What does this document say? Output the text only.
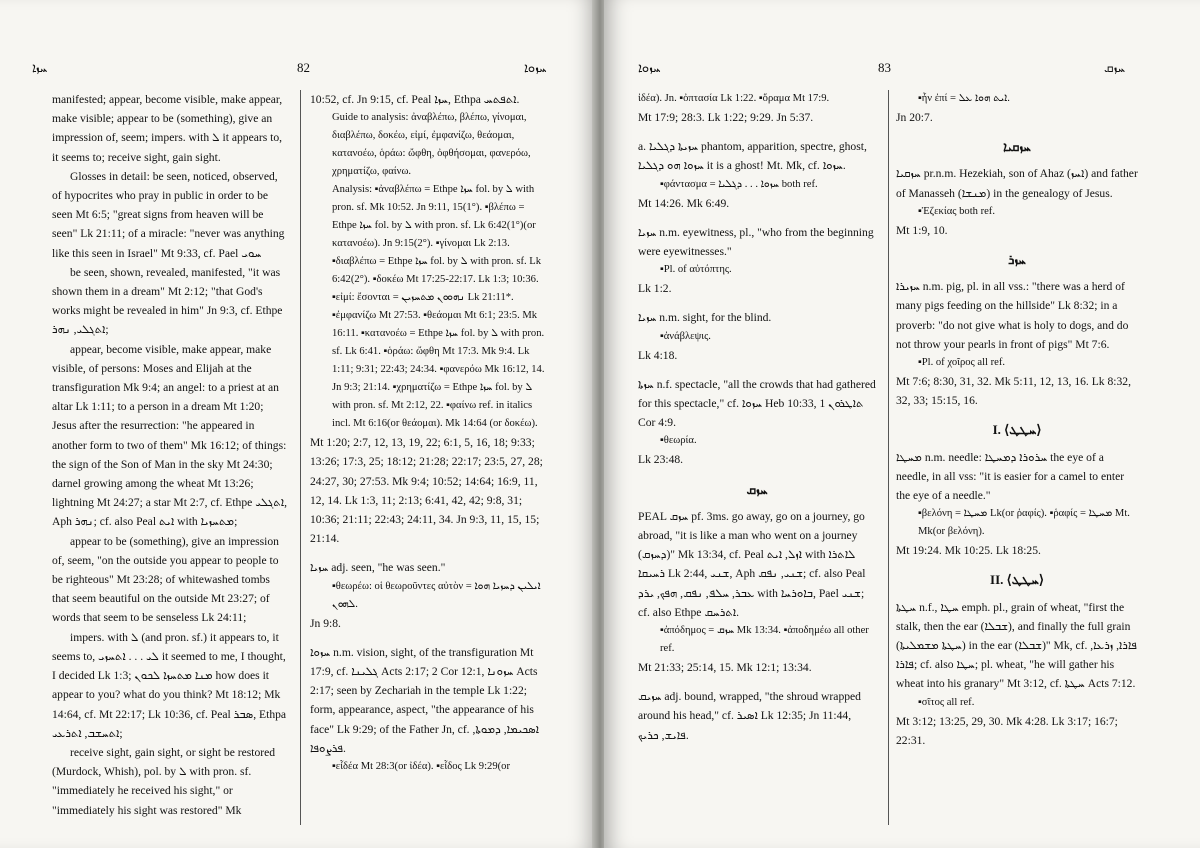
ܚܙܐ	82	ܚܙܘܐ

manifested; appear, become visible, make appear, make visible; appear to be (something), give an impression of, seem; impers. with ܠ it appears to, it seems to; receive sight, gain sight.

Glosses in detail: be seen, noticed, observed, of hypocrites who pray in public in order to be seen Mt 6:5; "great signs from heaven will be seen" Lk 21:11; of a miracle: "never was anything like this seen in Israel" Mt 9:33, cf. Pael ܚܘܝ

be seen, shown, revealed, manifested, "it was shown them in a dream" Mt 2:12; "that God's works might be revealed in him" Jn 9:3, cf. Ethpe ܐܬܓܠܝ, ܢܗܪ;

appear, become visible, make appear, make visible, of persons: Moses and Elijah at the transfiguration Mk 9:4; an angel: to a priest at an altar Lk 1:11; to a person in a dream Mt 1:20; Jesus after the resurrection: "he appeared in another form to two of them" Mk 16:12; of things: the sign of the Son of Man in the sky Mt 24:30; darnel growing among the wheat Mt 13:26; lightning Mt 24:27; a star Mt 2:7, cf. Ethpe ܐܬܓܠܝ, Aph ܢܗܪ; cf. also Peal ܐܝܬ with ܡܬܚܙܝܐ;

appear to be (something), give an impression of, seem, "on the outside you appear to people to be righteous" Mt 23:28; of whitewashed tombs that seem beautiful on the outside Mt 23:27; of words that seem to be senseless Lk 24:11;

impers. with ܠ (and pron. sf.) it appears to, it seems to, ܠܝ . . . ܐܬܚܙܝ it seemed to me, I thought, I decided Lk 1:3; ܡܢܐ ܡܬܚܙܐ ܠܟܘܢ how does it appear to you? what do you think? Mt 18:12; Mk 14:64, cf. Mt 22:17; Lk 10:36, cf. Peal ܣܒܪ, Ethpa ܐܬܚܫܒ, ܐܬܪܥܝ;

receive sight, gain sight, or sight be restored (Murdock, Whish), pol. by ܠ with pron. sf. "immediately he received his sight," or "immediately his sight was restored" Mk

10:52, cf. Jn 9:15, cf. Peal ܚܙܐ, Ethpa ܐܬܦܬܚ.

Guide to analysis: ἀναβλέπω, βλέπω, γίνομαι, διαβλέπω, δοκέω, εἰμί, ἐμφανίζω, θεάομαι, κατανοέω, ὁράω: ὤφθη, ὀφθήσομαι, φανερόω, χρηματίζω, φαίνω.

Analysis: ▪ἀναβλέπω = Ethpe ܚܙܐ fol. by ܠ with pron. sf. Mk 10:52. Jn 9:11, 15(1°). ▪βλέπω = Ethpe ܚܙܐ fol. by ܠ with pron. sf. Lk 6:42(1°)(or κατανοέω). Jn 9:15(2°). ▪γίνομαι Lk 2:13. ▪διαβλέπω = Ethpe ܚܙܐ fol. by ܠ with pron. sf. Lk 6:42(2°). ▪δοκέω Mt 17:25-22:17. Lk 1:3; 10:36. ▪εἰμί: ἔσονται = ܢܗܘܘܢ ܡܬܚܙܝܢ Lk 21:11*. ▪ἐμφανίζω Mt 27:53. ▪θεάομαι Mt 6:1; 23:5. Mk 16:11. ▪κατανοέω = Ethpe ܚܙܐ fol. by ܠ with pron. sf. Lk 6:41. ▪ὁράω: ὤφθη Mt 17:3. Mk 9:4. Lk 1:11; 9:31; 22:43; 24:34. ▪φανερόω Mk 16:12, 14. Jn 9:3; 21:14. ▪χρηματίζω = Ethpe ܚܙܐ fol. by ܠ with pron. sf. Mt 2:12, 22. ▪φαίνω ref. in italics incl. Mt 6:16(or θεάομαι). Mk 14:64 (or δοκέω).

Mt 1:20; 2:7, 12, 13, 19, 22; 6:1, 5, 16, 18; 9:33; 13:26; 17:3, 25; 18:12; 21:28; 22:17; 23:5, 27, 28; 24:27, 30; 27:53. Mk 9:4; 10:52; 14:64; 16:9, 11, 12, 14. Lk 1:3, 11; 2:13; 6:41, 42, 42; 9:8, 31; 10:36; 21:11; 22:43; 24:11, 34. Jn 9:3, 11, 15, 15; 21:14.

ܚܙܝܐ adj. seen, "he was seen."

▪θεωρέω: οἱ θεωροῦντες αὐτὸν = ܐܝܠܝܢ ܕܚܙܝܐ ܗܘܐ ܠܗܘܢ.

Jn 9:8.

ܚܙܘܐ n.m. vision, sight, of the transfiguration Mt 17:9, cf. ܓܠܝܢܐ Acts 2:17; 2 Cor 12:1, ܚܙܘܢܐ Acts 2:17; seen by Zechariah in the temple Lk 1:22; form, appearance, aspect, "the appearance of his face" Lk 9:29; of the Father Jn, cf. ܐܣܟܝܡܐ, ܕܡܘܬܐ, ܦܪܨܘܦܐ.

▪εἶδέα Mt 28:3(or ἰδέα). ▪εἶδος Lk 9:29(or

ܚܙܘܐ	83	ܚܙܩ

ἰδέα). Jn. ▪ὀπτασία Lk 1:22. ▪ὅραμα Mt 17:9.

Mt 17:9; 28:3. Lk 1:22; 9:29. Jn 5:37.

a. ܚܙܝܬܐ ܕܓܠܝܐ phantom, apparition, spectre, ghost, ܚܙܘܐ ܗܘ ܕܓܠܝܐ it is a ghost! Mt. Mk, cf. ܚܙܘܐ.

▪φάντασμα = ܚܙܘܐ . . . ܕܓܠܝܐ both ref.

Mt 14:26. Mk 6:49.

ܚܙܝܐ n.m. eyewitness, pl., "who from the beginning were eyewitnesses."

▪Pl. of αὐτόπτης.

Lk 1:2.

ܚܙܝܐ n.m. sight, for the blind.

▪ἀνάβλεψις.

Lk 4:18.

ܚܙܬܐ n.f. spectacle, "all the crowds that had gathered for this spectacle," cf. ܚܙܘܐ Heb 10:33, ܬܐܛܪܘܢ 1 Cor 4:9.

▪θεωρία.

Lk 23:48.

ܚܙܩ

PEAL ܚܙܩ pf. 3ms. go away, go on a journey, go abroad, "it is like a man who went on a journey (ܕܚܙܩ)" Mk 13:34, cf. Peal ܐܙܠ, ܐܝܬ with ܠܐܬܪܐ ܪܚܝܩܐ Lk 2:44, ܫܢܝ, Aph ܫܢܝ, ܢܦܩ; cf. also Peal ܥܒܪ, ܚܠܦ, ܢܦܩ, ܗܦܟ, ܝܪܕ with ܒܐܘܪܚܐ, Pael ܫܢܝ; cf. also Ethpe ܐܬܪܚܩ.

▪ἀπόδημος = ܚܙܩ Mk 13:34. ▪ἀποδημέω all other ref.

Mt 21:33; 25:14, 15. Mk 12:1; 13:34.

ܚܙܝܩ adj. bound, wrapped, "the shroud wrapped around his head," cf. ܐܣܝܪ Lk 12:35; Jn 11:44, ܦܐܝܫ, ܟܪܝܟ.

▪ἦν ἐπί = ܐܝܬ ܗܘܐ ܥܠ.

Jn 20:7.

ܚܙܩܝܐ

ܚܙܩܝܐ pr.n.m. Hezekiah, son of Ahaz (ܐܚܙ) and father of Manasseh (ܡܢܫܐ) in the genealogy of Jesus.

▪Ἐζεκίας both ref.

Mt 1:9, 10.

ܚܙܪ

ܚܙܝܪܐ n.m. pig, pl. in all vss.: "there was a herd of many pigs feeding on the hillside" Lk 8:32; in a proverb: "do not give what is holy to dogs, and do not throw your pearls in front of pigs" Mt 7:6.

▪Pl. of χοῖρος all ref.

Mt 7:6; 8:30, 31, 32. Mk 5:11, 12, 13, 16. Lk 8:32, 32, 33; 15:15, 16.

I. ⟨ܚܛܛ⟩

ܡܚܛܐ n.m. needle: ܚܪܘܪܐ ܕܡܚܛܐ the eye of a needle, in all vss: "it is easier for a camel to enter the eye of a needle."

▪βελόνη = ܡܚܛܐ Lk(or ῥαφίς). ▪ῥαφίς = ܡܚܛܐ Mt. Mk(or βελόνη).

Mt 19:24. Mk 10:25. Lk 18:25.

II. ⟨ܚܛܛ⟩

ܚܛܬܐ n.f., ܚܛܐ emph. pl., grain of wheat, "first the stalk, then the ear (ܫܒܠܐ), and finally the full grain (ܚܛܬܐ ܡܫܡܠܝܬܐ) in the ear (ܫܒܠܐ)" Mk, cf. ܦܐܪܐ, ܙܪܥܐ, ܦܐܪܐ; cf. also ܚܛܐ; pl. wheat, "he will gather his wheat into his granary" Mt 3:12, cf. ܚܛܬܐ Acts 7:12.

▪σῖτος all ref.

Mt 3:12; 13:25, 29, 30. Mk 4:28. Lk 3:17; 16:7; 22:31.
